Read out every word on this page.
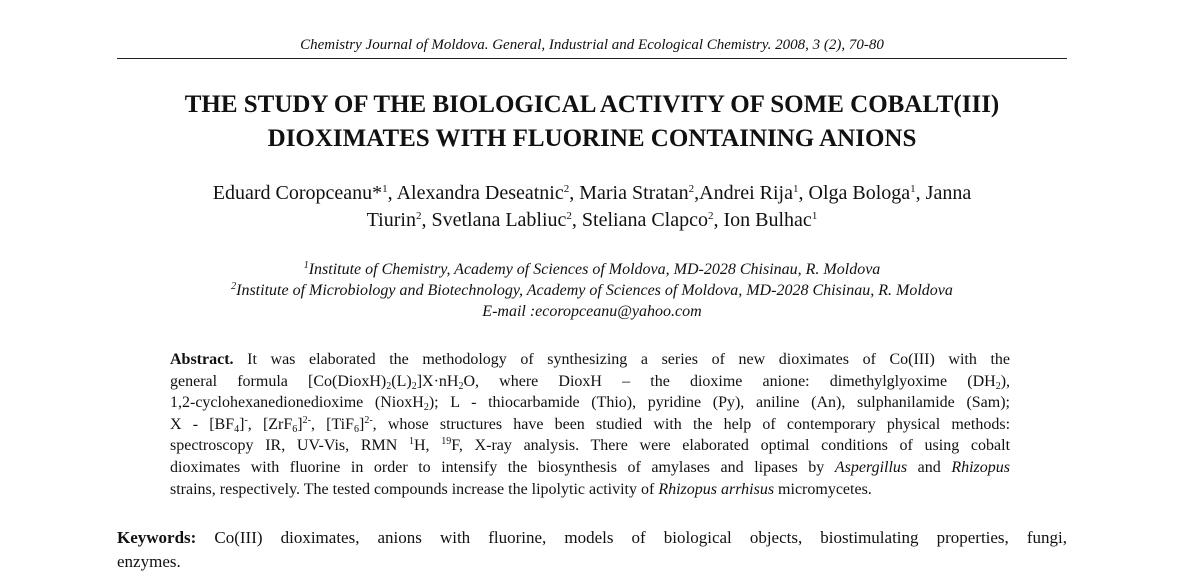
Chemistry Journal of Moldova. General, Industrial and Ecological Chemistry. 2008, 3 (2), 70-80
THE STUDY OF THE BIOLOGICAL ACTIVITY OF SOME COBALT(III)
DIOXIMATES WITH FLUORINE CONTAINING ANIONS
Eduard Coropceanu*$^1$, Alexandra Deseatnic$^2$, Maria Stratan$^2$,Andrei Rija$^1$, Olga Bologa$^1$, Janna
Tiurin$^2$, Svetlana Labliuc$^2$, Steliana Clapco$^2$, Ion Bulhac$^1$
$^1$Institute of Chemistry, Academy of Sciences of Moldova, MD-2028 Chisinau, R. Moldova
$^2$Institute of Microbiology and Biotechnology, Academy of Sciences of Moldova, MD-2028 Chisinau, R. Moldova
E-mail :ecoropceanu@yahoo.com
Abstract. It was elaborated the methodology of synthesizing a series of new dioximates of Co(III) with the
general formula $[Co(DioxH)_2(L)_2]X\cdot nH_2O$, where DioxH – the dioxime anione: dimethylglyoxime $(DH_2)$,
1,2-cyclohexanedionedioxime (NioxH$_2$); L - thiocarbamide (Thio), pyridine (Py), aniline (An), sulphanilamide (Sam);
X - $[BF_4]^-$, $[ZrF_6]^{2-}$, $[TiF_6]^{2-}$, whose structures have been studied with the help of contemporary physical methods:
spectroscopy IR, UV-Vis, RMN $^1$H, $^{19}$F, X-ray analysis. There were elaborated optimal conditions of using cobalt
dioximates with fluorine in order to intensify the biosynthesis of amylases and lipases by Aspergillus and Rhizopus
strains, respectively. The tested compounds increase the lipolytic activity of Rhizopus arrhisus micromycetes.
Keywords: Co(III) dioximates, anions with fluorine, models of biological objects, biostimulating properties, fungi,
enzymes.
